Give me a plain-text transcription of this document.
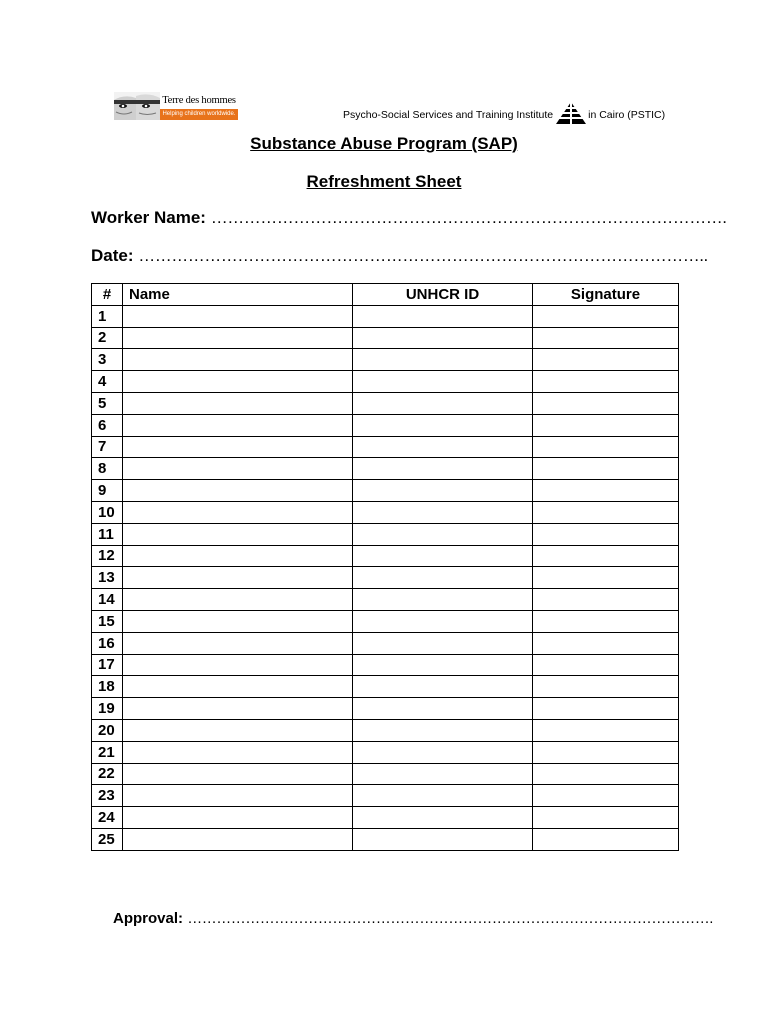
Terre des hommes
Helping children worldwide.	Psycho-Social Services and Training Institute	in Cairo (PSTIC)
Substance Abuse Program (SAP)
Refreshment Sheet
Worker Name: ………………………………………………………………………………….
Date: …………………………………………………………………………………………..
#	Name	UNHCR ID	Signature
1			
2			
3			
4			
5			
6			
7			
8			
9			
10			
11			
12			
13			
14			
15			
16			
17			
18			
19			
20			
21			
22			
23			
24			
25			
Approval: ……………………………………………………………………………………………….
